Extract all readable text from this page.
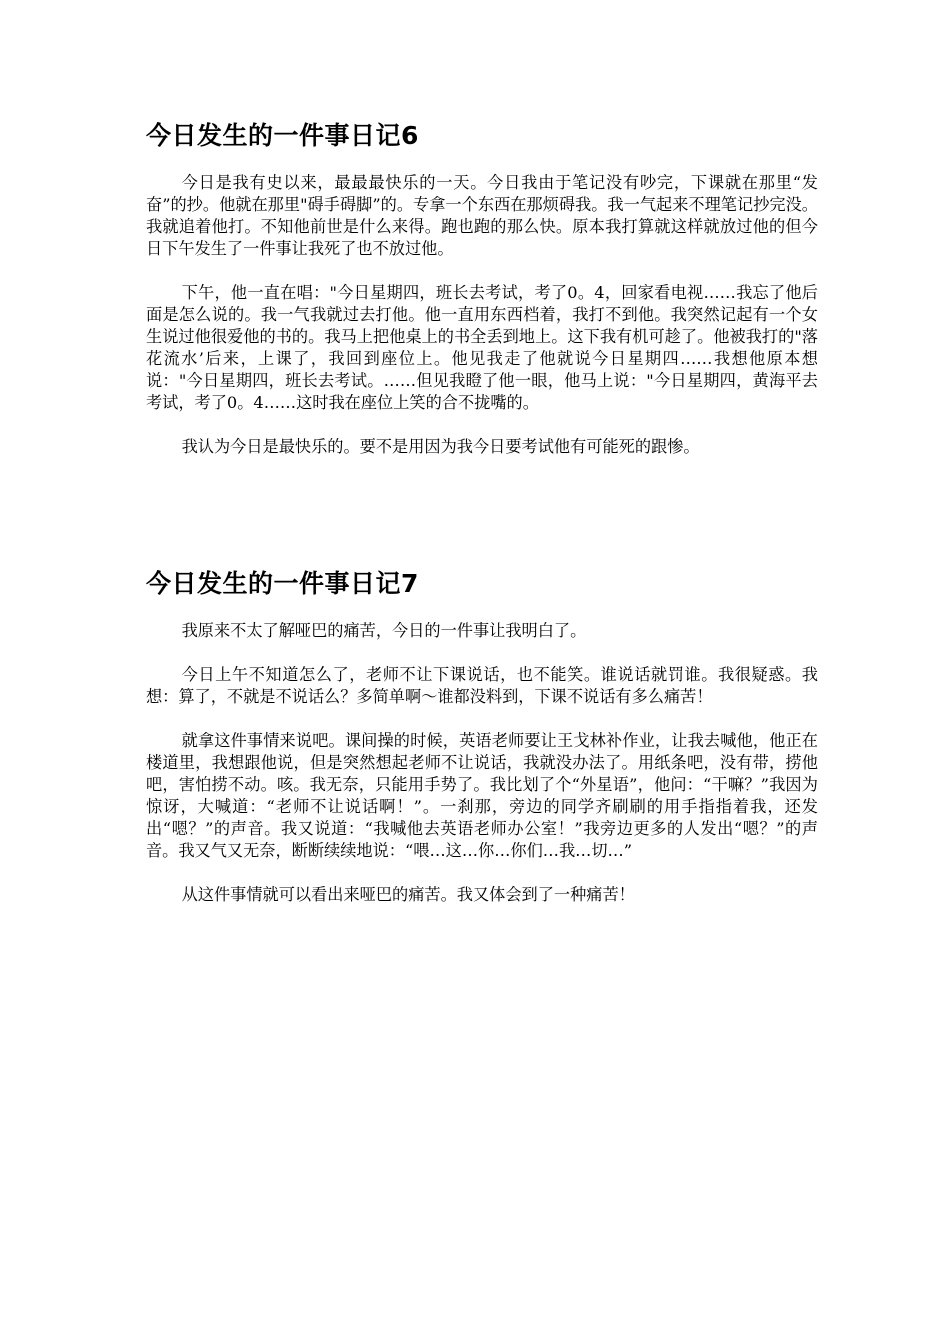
今日发生的一件事日记6

今日是我有史以来，最最最快乐的一天。今日我由于笔记没有吵完，下课就在那里“发奋”的抄。他就在那里"碍手碍脚”的。专拿一个东西在那烦碍我。我一气起来不理笔记抄完没。我就追着他打。不知他前世是什么来得。跑也跑的那么快。原本我打算就这样就放过他的但今日下午发生了一件事让我死了也不放过他。

下午，他一直在唱："今日星期四，班长去考试，考了0。4，回家看电视……我忘了他后面是怎么说的。我一气我就过去打他。他一直用东西档着，我打不到他。我突然记起有一个女生说过他很爱他的书的。我马上把他桌上的书全丢到地上。这下我有机可趁了。他被我打的"落花流水’后来，上课了，我回到座位上。他见我走了他就说今日星期四……我想他原本想说："今日星期四，班长去考试。……但见我瞪了他一眼，他马上说："今日星期四，黄海平去考试，考了0。4……这时我在座位上笑的合不拢嘴的。

我认为今日是最快乐的。要不是用因为我今日要考试他有可能死的跟惨。

今日发生的一件事日记7

我原来不太了解哑巴的痛苦，今日的一件事让我明白了。

今日上午不知道怎么了，老师不让下课说话，也不能笑。谁说话就罚谁。我很疑惑。我想：算了，不就是不说话么？多简单啊～谁都没料到，下课不说话有多么痛苦！

就拿这件事情来说吧。课间操的时候，英语老师要让王戈林补作业，让我去喊他，他正在楼道里，我想跟他说，但是突然想起老师不让说话，我就没办法了。用纸条吧，没有带，捞他吧，害怕捞不动。咳。我无奈，只能用手势了。我比划了个“外星语”，他问：“干嘛？”我因为惊讶，大喊道：“老师不让说话啊！”。一刹那，旁边的同学齐刷刷的用手指指着我，还发出“嗯？”的声音。我又说道：“我喊他去英语老师办公室！”我旁边更多的人发出“嗯？”的声音。我又气又无奈，断断续续地说：“喂…这…你…你们…我…切…”

从这件事情就可以看出来哑巴的痛苦。我又体会到了一种痛苦！
